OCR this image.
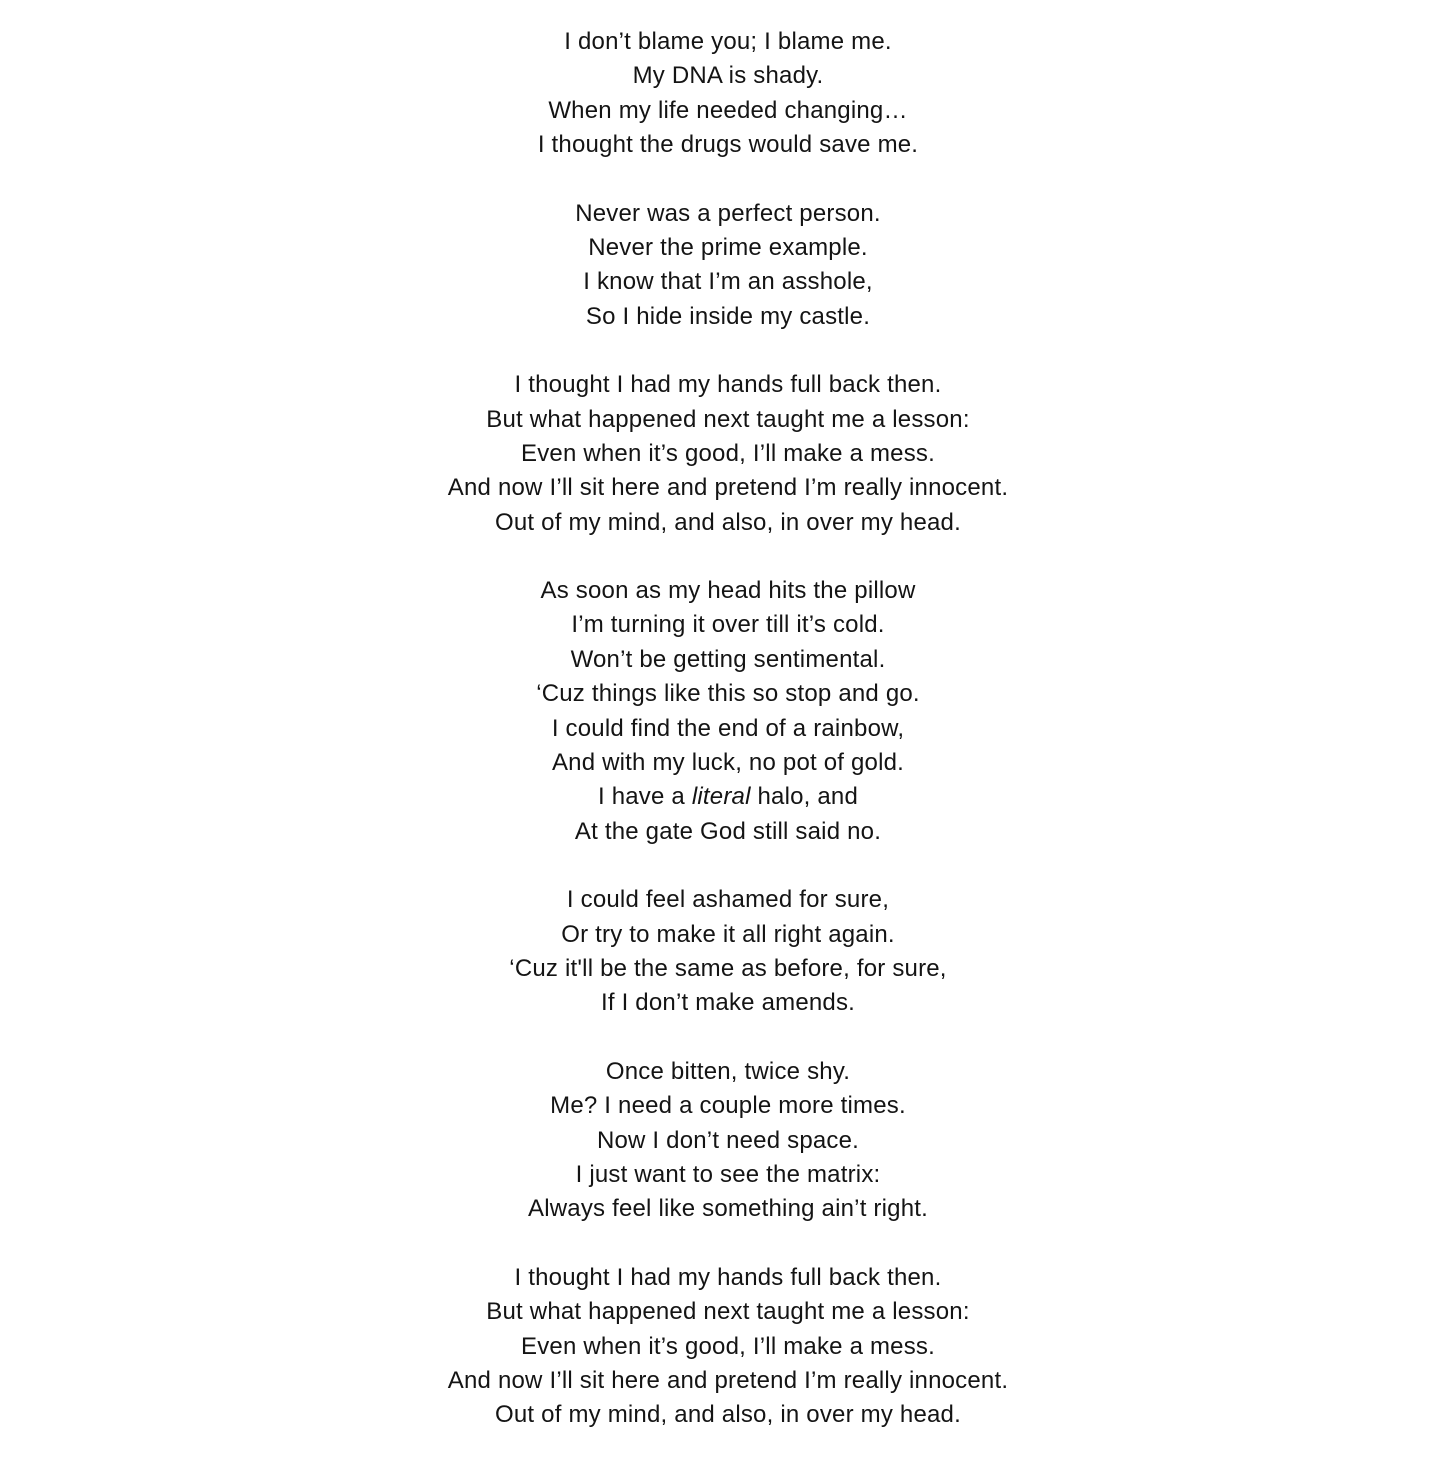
I don’t blame you; I blame me.
My DNA is shady.
When my life needed changing…
I thought the drugs would save me.
Never was a perfect person.
Never the prime example.
I know that I’m an asshole,
So I hide inside my castle.
I thought I had my hands full back then.
But what happened next taught me a lesson:
Even when it’s good, I’ll make a mess.
And now I’ll sit here and pretend I’m really innocent.
Out of my mind, and also, in over my head.
As soon as my head hits the pillow
I’m turning it over till it’s cold.
Won’t be getting sentimental.
‘Cuz things like this so stop and go.
I could find the end of a rainbow,
And with my luck, no pot of gold.
I have a literal halo, and
At the gate God still said no.
I could feel ashamed for sure,
Or try to make it all right again.
‘Cuz it'll be the same as before, for sure,
If I don’t make amends.
Once bitten, twice shy.
Me? I need a couple more times.
Now I don’t need space.
I just want to see the matrix:
Always feel like something ain’t right.
I thought I had my hands full back then.
But what happened next taught me a lesson:
Even when it’s good, I’ll make a mess.
And now I’ll sit here and pretend I’m really innocent.
Out of my mind, and also, in over my head.
